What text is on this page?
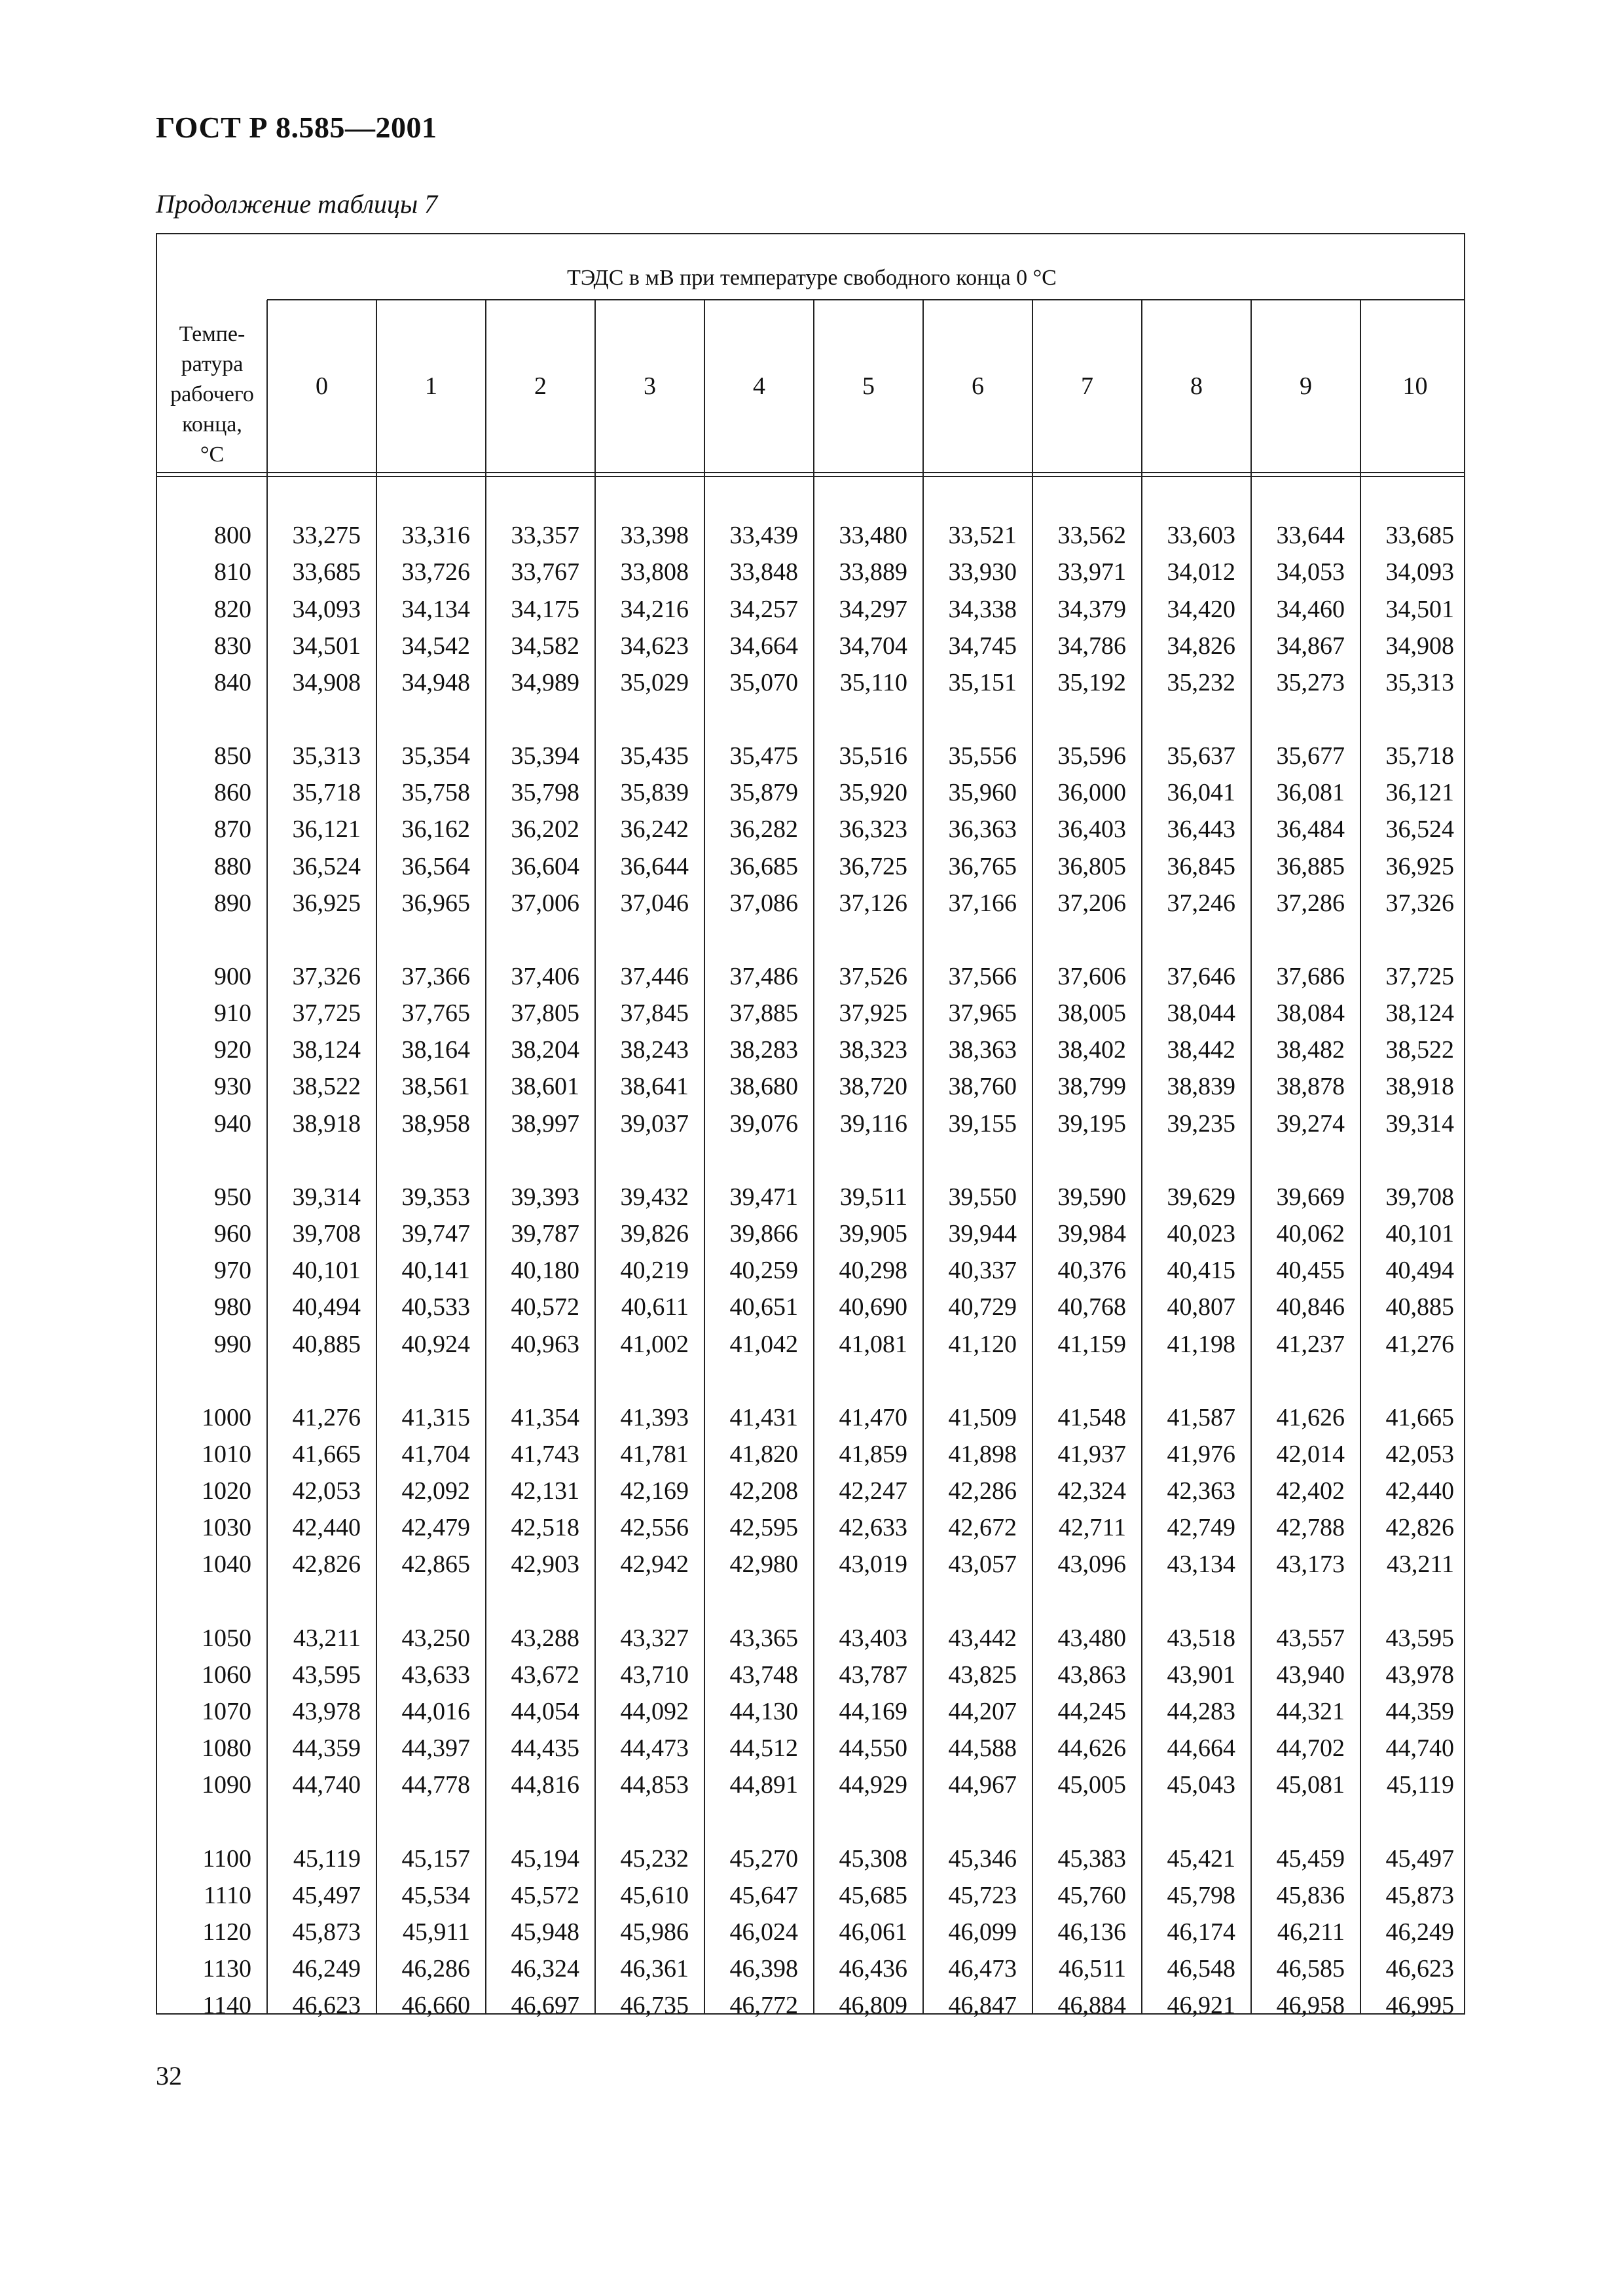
ГОСТ Р 8.585—2001

Продолжение таблицы 7

ТЭДС в мВ при температуре свободного конца 0 °С
Темпе-
ратура
рабочего
конца,
°С
0	1	2	3	4	5	6	7	8	9	10
800	33,275	33,316	33,357	33,398	33,439	33,480	33,521	33,562	33,603	33,644	33,685
810	33,685	33,726	33,767	33,808	33,848	33,889	33,930	33,971	34,012	34,053	34,093
820	34,093	34,134	34,175	34,216	34,257	34,297	34,338	34,379	34,420	34,460	34,501
830	34,501	34,542	34,582	34,623	34,664	34,704	34,745	34,786	34,826	34,867	34,908
840	34,908	34,948	34,989	35,029	35,070	35,110	35,151	35,192	35,232	35,273	35,313
850	35,313	35,354	35,394	35,435	35,475	35,516	35,556	35,596	35,637	35,677	35,718
860	35,718	35,758	35,798	35,839	35,879	35,920	35,960	36,000	36,041	36,081	36,121
870	36,121	36,162	36,202	36,242	36,282	36,323	36,363	36,403	36,443	36,484	36,524
880	36,524	36,564	36,604	36,644	36,685	36,725	36,765	36,805	36,845	36,885	36,925
890	36,925	36,965	37,006	37,046	37,086	37,126	37,166	37,206	37,246	37,286	37,326
900	37,326	37,366	37,406	37,446	37,486	37,526	37,566	37,606	37,646	37,686	37,725
910	37,725	37,765	37,805	37,845	37,885	37,925	37,965	38,005	38,044	38,084	38,124
920	38,124	38,164	38,204	38,243	38,283	38,323	38,363	38,402	38,442	38,482	38,522
930	38,522	38,561	38,601	38,641	38,680	38,720	38,760	38,799	38,839	38,878	38,918
940	38,918	38,958	38,997	39,037	39,076	39,116	39,155	39,195	39,235	39,274	39,314
950	39,314	39,353	39,393	39,432	39,471	39,511	39,550	39,590	39,629	39,669	39,708
960	39,708	39,747	39,787	39,826	39,866	39,905	39,944	39,984	40,023	40,062	40,101
970	40,101	40,141	40,180	40,219	40,259	40,298	40,337	40,376	40,415	40,455	40,494
980	40,494	40,533	40,572	40,611	40,651	40,690	40,729	40,768	40,807	40,846	40,885
990	40,885	40,924	40,963	41,002	41,042	41,081	41,120	41,159	41,198	41,237	41,276
1000	41,276	41,315	41,354	41,393	41,431	41,470	41,509	41,548	41,587	41,626	41,665
1010	41,665	41,704	41,743	41,781	41,820	41,859	41,898	41,937	41,976	42,014	42,053
1020	42,053	42,092	42,131	42,169	42,208	42,247	42,286	42,324	42,363	42,402	42,440
1030	42,440	42,479	42,518	42,556	42,595	42,633	42,672	42,711	42,749	42,788	42,826
1040	42,826	42,865	42,903	42,942	42,980	43,019	43,057	43,096	43,134	43,173	43,211
1050	43,211	43,250	43,288	43,327	43,365	43,403	43,442	43,480	43,518	43,557	43,595
1060	43,595	43,633	43,672	43,710	43,748	43,787	43,825	43,863	43,901	43,940	43,978
1070	43,978	44,016	44,054	44,092	44,130	44,169	44,207	44,245	44,283	44,321	44,359
1080	44,359	44,397	44,435	44,473	44,512	44,550	44,588	44,626	44,664	44,702	44,740
1090	44,740	44,778	44,816	44,853	44,891	44,929	44,967	45,005	45,043	45,081	45,119
1100	45,119	45,157	45,194	45,232	45,270	45,308	45,346	45,383	45,421	45,459	45,497
1110	45,497	45,534	45,572	45,610	45,647	45,685	45,723	45,760	45,798	45,836	45,873
1120	45,873	45,911	45,948	45,986	46,024	46,061	46,099	46,136	46,174	46,211	46,249
1130	46,249	46,286	46,324	46,361	46,398	46,436	46,473	46,511	46,548	46,585	46,623
1140	46,623	46,660	46,697	46,735	46,772	46,809	46,847	46,884	46,921	46,958	46,995

32
